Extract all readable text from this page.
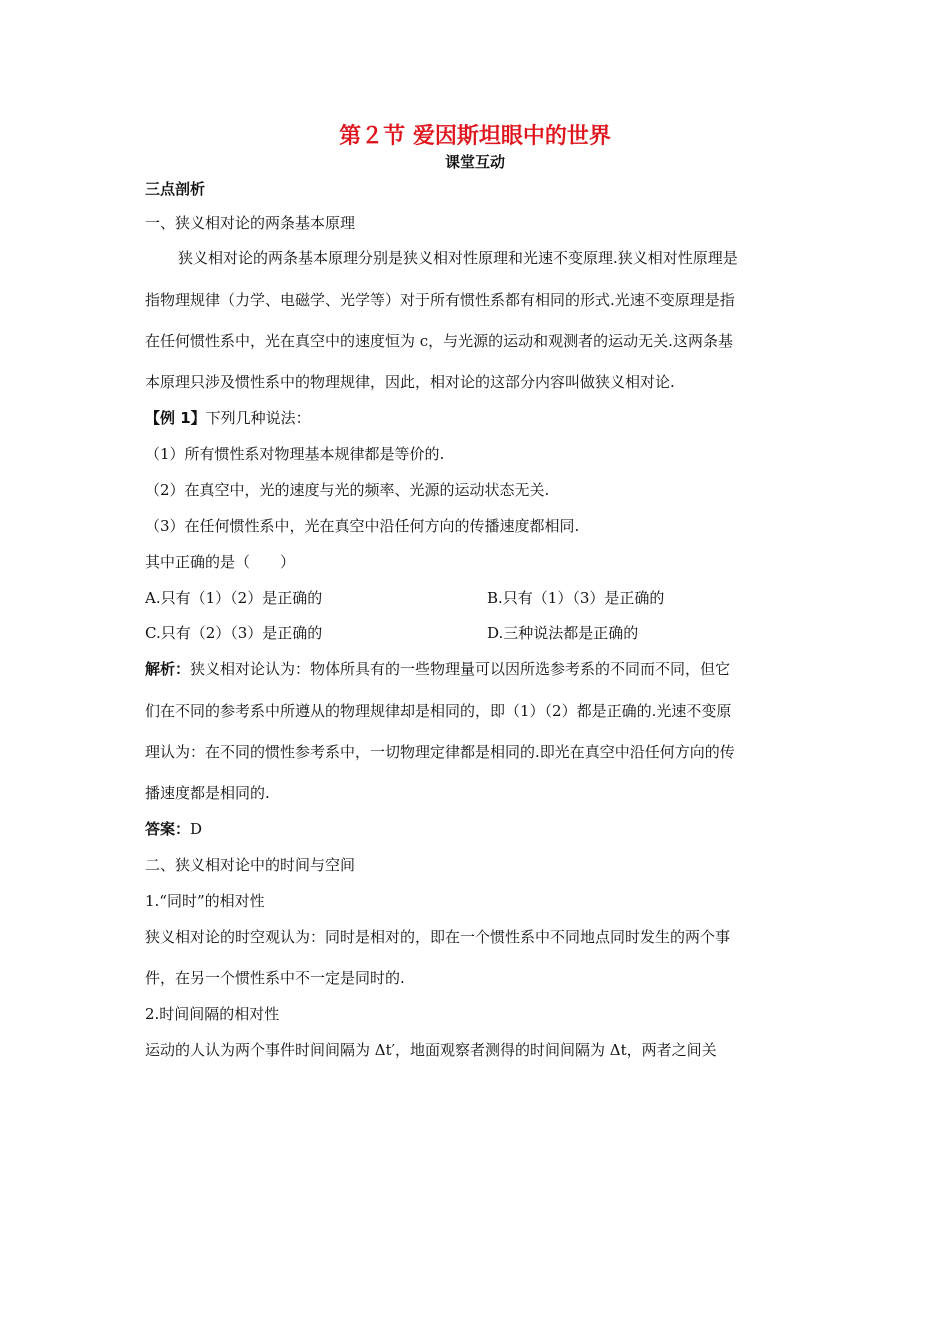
第２节 爱因斯坦眼中的世界
课堂互动
三点剖析
一、狭义相对论的两条基本原理
狭义相对论的两条基本原理分别是狭义相对性原理和光速不变原理.狭义相对性原理是
指物理规律（力学、电磁学、光学等）对于所有惯性系都有相同的形式.光速不变原理是指
在任何惯性系中，光在真空中的速度恒为 c，与光源的运动和观测者的运动无关.这两条基
本原理只涉及惯性系中的物理规律，因此，相对论的这部分内容叫做狭义相对论.
【例 1】下列几种说法：
（1）所有惯性系对物理基本规律都是等价的.
（2）在真空中，光的速度与光的频率、光源的运动状态无关.
（3）在任何惯性系中，光在真空中沿任何方向的传播速度都相同.
其中正确的是（　　）
A.只有（1）（2）是正确的	B.只有（1）（3）是正确的
C.只有（2）（3）是正确的	D.三种说法都是正确的
解析：狭义相对论认为：物体所具有的一些物理量可以因所选参考系的不同而不同，但它
们在不同的参考系中所遵从的物理规律却是相同的，即（1）（2）都是正确的.光速不变原
理认为：在不同的惯性参考系中，一切物理定律都是相同的.即光在真空中沿任何方向的传
播速度都是相同的.
答案：D
二、狭义相对论中的时间与空间
1.“同时”的相对性
狭义相对论的时空观认为：同时是相对的，即在一个惯性系中不同地点同时发生的两个事
件，在另一个惯性系中不一定是同时的.
2.时间间隔的相对性
运动的人认为两个事件时间间隔为 Δt′，地面观察者测得的时间间隔为 Δt，两者之间关
